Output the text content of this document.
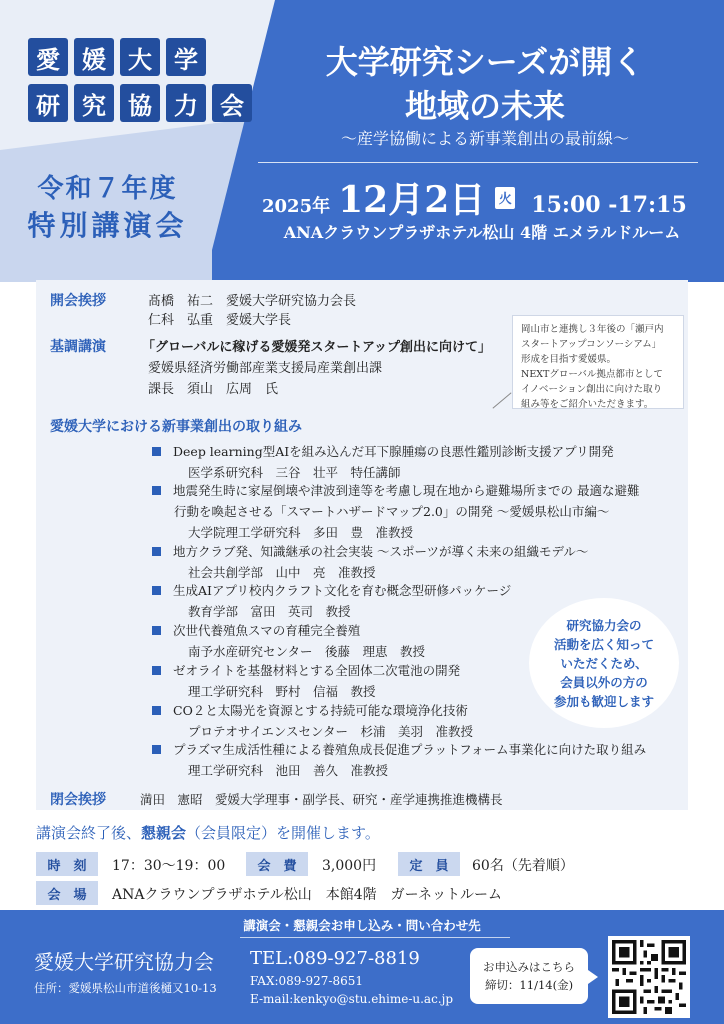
愛 媛 大 学
研 究 協 力 会
令和７年度
特別講演会
大学研究シーズが開く
地域の未来
～産学協働による新事業創出の最前線～
2025年 12月2日 火 15:00 -17:15
ANAクラウンプラザホテル松山 4階 エメラルドルーム
開会挨拶	髙橋　祐二　愛媛大学研究協力会長
仁科　弘重　愛媛大学長
基調講演	「グローバルに稼げる愛媛発スタートアップ創出に向けて」
愛媛県経済労働部産業支援局産業創出課
課長　須山　広周　氏
岡山市と連携し３年後の「瀬戸内
スタートアップコンソーシアム」
形成を目指す愛媛県。
NEXTグローバル拠点都市として
イノベーション創出に向けた取り
組み等をご紹介いただきます。
愛媛大学における新事業創出の取り組み
Deep learning型AIを組み込んだ耳下腺腫瘍の良悪性鑑別診断支援アプリ開発
医学系研究科　三谷　壮平　特任講師
地震発生時に家屋倒壊や津波到達等を考慮し現在地から避難場所までの 最適な避難
行動を喚起させる「スマートハザードマップ2.0」の開発 ～愛媛県松山市編～
大学院理工学研究科　多田　豊　准教授
地方クラブ発、知識継承の社会実装 ～スポーツが導く未来の組織モデル～
社会共創学部　山中　亮　准教授
生成AIアプリ校内クラフト文化を育む概念型研修パッケージ
教育学部　富田　英司　教授
次世代養殖魚スマの育種完全養殖
南予水産研究センター　後藤　理恵　教授
ゼオライトを基盤材料とする全固体二次電池の開発
理工学研究科　野村　信福　教授
CO２と太陽光を資源とする持続可能な環境浄化技術
プロテオサイエンスセンター　杉浦　美羽　准教授
プラズマ生成活性種による養殖魚成長促進プラットフォーム事業化に向けた取り組み
理工学研究科　池田　善久　准教授
研究協力会の
活動を広く知って
いただくため、
会員以外の方の
参加も歓迎します
閉会挨拶	満田　憲昭　愛媛大学理事・副学長、研究・産学連携推進機構長
講演会終了後、懇親会（会員限定）を開催します。
時　刻	17：30～19：00	会　費	3,000円	定　員	60名（先着順）
会　場	ANAクラウンプラザホテル松山　本館4階　ガーネットルーム
講演会・懇親会お申し込み・問い合わせ先
愛媛大学研究協力会
住所：愛媛県松山市道後樋又10-13
TEL:089-927-8819
FAX:089-927-8651
E-mail:kenkyo@stu.ehime-u.ac.jp
お申込みはこちら
締切：11/14(金)
